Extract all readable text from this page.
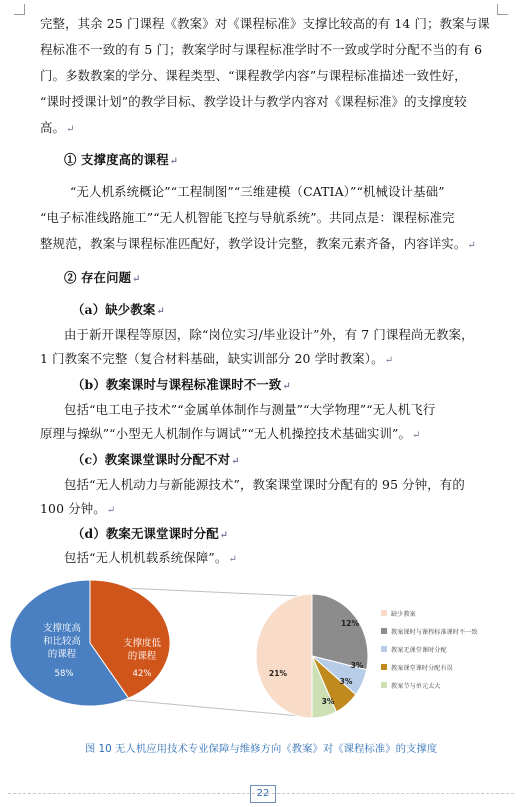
完整，其余 25 门课程《教案》对《课程标准》支撑比较高的有 14 门；教案与课
程标准不一致的有 5 门；教案学时与课程标准学时不一致或学时分配不当的有 6
门。多数教案的学分、课程类型、“课程教学内容”与课程标准描述一致性好，
“课时授课计划”的教学目标、教学设计与教学内容对《课程标准》的支撑度较
高。↵
① 支撑度高的课程↵
“无人机系统概论”“工程制图”“三维建模（CATIA）”“机械设计基础”
“电子标准线路施工”“无人机智能飞控与导航系统”。共同点是：课程标准完
整规范，教案与课程标准匹配好，教学设计完整，教案元素齐备，内容详实。↵
② 存在问题↵
（a）缺少教案↵
由于新开课程等原因，除“岗位实习/毕业设计”外，有 7 门课程尚无教案，
1 门教案不完整（复合材料基础，缺实训部分 20 学时教案）。↵
（b）教案课时与课程标准课时不一致↵
包括“电工电子技术”“金属单体制作与测量”“大学物理”“无人机飞行
原理与操纵”“小型无人机制作与调试”“无人机操控技术基础实训”。↵
（c）教案课堂课时分配不对↵
包括“无人机动力与新能源技术”，教案课堂课时分配有的 95 分钟，有的
100 分钟。↵
（d）教案无课堂课时分配↵
包括“无人机机载系统保障”。↵
支撑度高和比较高的课程
58%
支撑度低的课程
42%
12%
3%
3%
3%
21%
缺少教案
教案课时与课程标准课时不一致
教案无课堂课时分配
教案课堂课时分配有误
教案节与单元太大
图 10 无人机应用技术专业保障与维修方向《教案》对《课程标准》的支撑度
22
